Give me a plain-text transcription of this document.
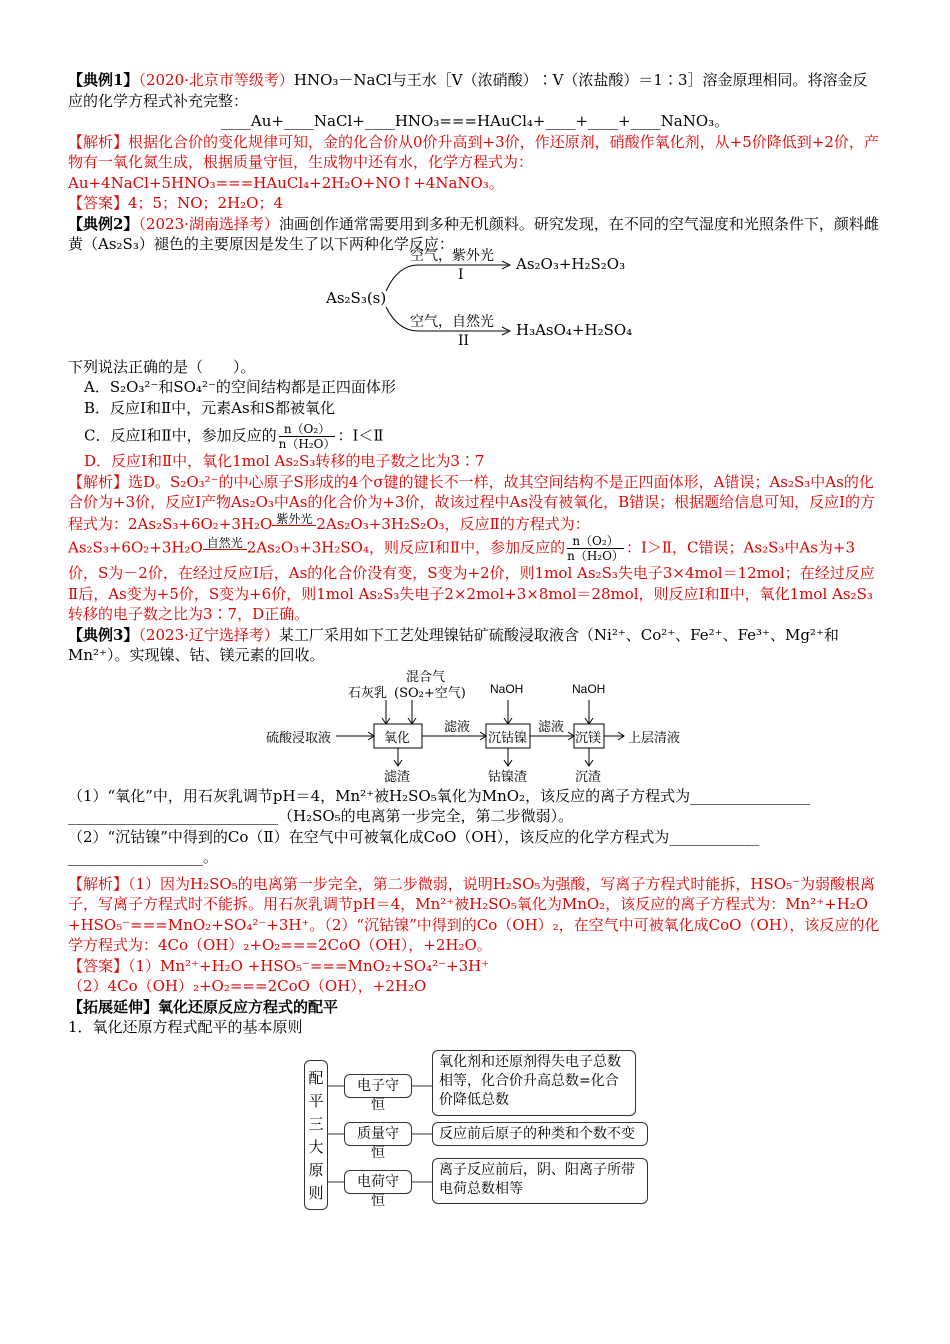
【典例1】（2020·北京市等级考）HNO₃－NaCl与王水［V（浓硝酸）∶V（浓盐酸）＝1∶3］溶金原理相同。将溶金反应的化学方程式补充完整：

____Au+____NaCl+____HNO₃===HAuCl₄+____+____+____NaNO₃。

【解析】根据化合价的变化规律可知，金的化合价从0价升高到+3价，作还原剂，硝酸作氧化剂，从+5价降低到+2价，产物有一氧化氮生成，根据质量守恒，生成物中还有水，化学方程式为：Au+4NaCl+5HNO₃===HAuCl₄+2H₂O+NO↑+4NaNO₃。

【答案】4；5；NO；2H₂O；4

【典例2】（2023·湖南选择考）油画创作通常需要用到多种无机颜料。研究发现，在不同的空气湿度和光照条件下，颜料雌黄（As₂S₃）褪色的主要原因是发生了以下两种化学反应：

As₂S₃(s)
空气，紫外光
I
As₂O₃+H₂S₂O₃
空气，自然光
II
H₃AsO₄+H₂SO₄

下列说法正确的是（　　）。

A．S₂O₃²⁻和SO₄²⁻的空间结构都是正四面体形

B．反应Ⅰ和Ⅱ中，元素As和S都被氧化

C．反应Ⅰ和Ⅱ中，参加反应的 $\frac{\text{n（O₂）}}{\text{n（H₂O）}}$ ：Ⅰ＜Ⅱ

D．反应Ⅰ和Ⅱ中，氧化1mol As₂S₃转移的电子数之比为3∶7

【解析】选D。S₂O₃²⁻的中心原子S形成的4个σ键的键长不一样，故其空间结构不是正四面体形，A错误；As₂S₃中As的化合价为+3价，反应Ⅰ产物As₂O₃中As的化合价为+3价，故该过程中As没有被氧化，B错误；根据题给信息可知，反应I的方程式为：2As₂S₃+6O₂+3H₂O 紫外光 2As₂O₃+3H₂S₂O₃，反应Ⅱ的方程式为：
As₂S₃+6O₂+3H₂O 自然光 2As₂O₃+3H₂SO₄，则反应Ⅰ和Ⅱ中，参加反应的 $\frac{\text{n（O₂）}}{\text{n（H₂O）}}$ ：Ⅰ＞Ⅱ，C错误；As₂S₃中As为+3价，S为－2价，在经过反应Ⅰ后，As的化合价没有变，S变为+2价，则1mol As₂S₃失电子3×4mol＝12mol；在经过反应Ⅱ后，As变为+5价，S变为+6价，则1mol As₂S₃失电子2×2mol+3×8mol＝28mol，则反应Ⅰ和Ⅱ中，氧化1mol As₂S₃转移的电子数之比为3∶7，D正确。

【典例3】（2023·辽宁选择考）某工厂采用如下工艺处理镍钴矿硫酸浸取液含（Ni²⁺、Co²⁺、Fe²⁺、Fe³⁺、Mg²⁺和Mn²⁺）。实现镍、钴、镁元素的回收。

硫酸浸取液
石灰乳
混合气
(SO₂+空气)
氧化
滤液
NaOH
沉钴镍
滤液
NaOH
沉镁 上层清液
滤渣	钴镍渣	沉渣

（1）“氧化”中，用石灰乳调节pH＝4，Mn²⁺被H₂SO₅氧化为MnO₂，该反应的离子方程式为________________

____________________________（H₂SO₅的电离第一步完全，第二步微弱）。

（2）“沉钴镍”中得到的Co（Ⅱ）在空气中可被氧化成CoO（OH），该反应的化学方程式为____________

__________________。

【解析】（1）因为H₂SO₅的电离第一步完全，第二步微弱，说明H₂SO₅为强酸，写离子方程式时能拆，HSO₅⁻为弱酸根离子，写离子方程式时不能拆。用石灰乳调节pH＝4，Mn²⁺被H₂SO₅氧化为MnO₂，该反应的离子方程式为：Mn²⁺+H₂O +HSO₅⁻===MnO₂+SO₄²⁻+3H⁺。（2）“沉钴镍”中得到的Co（OH）₂，在空气中可被氧化成CoO（OH），该反应的化学方程式为：4Co（OH）₂+O₂===2CoO（OH），+2H₂O。

【答案】（1）Mn²⁺+H₂O +HSO₅⁻===MnO₂+SO₄²⁻+3H⁺

（2）4Co（OH）₂+O₂===2CoO（OH），+2H₂O

【拓展延伸】氧化还原反应方程式的配平

1．氧化还原方程式配平的基本原则

配平三大原则
电子守恒
氧化剂和还原剂得失电子总数相等，化合价升高总数=化合价降低总数
质量守恒
反应前后原子的种类和个数不变
电荷守恒
离子反应前后，阴、阳离子所带电荷总数相等
